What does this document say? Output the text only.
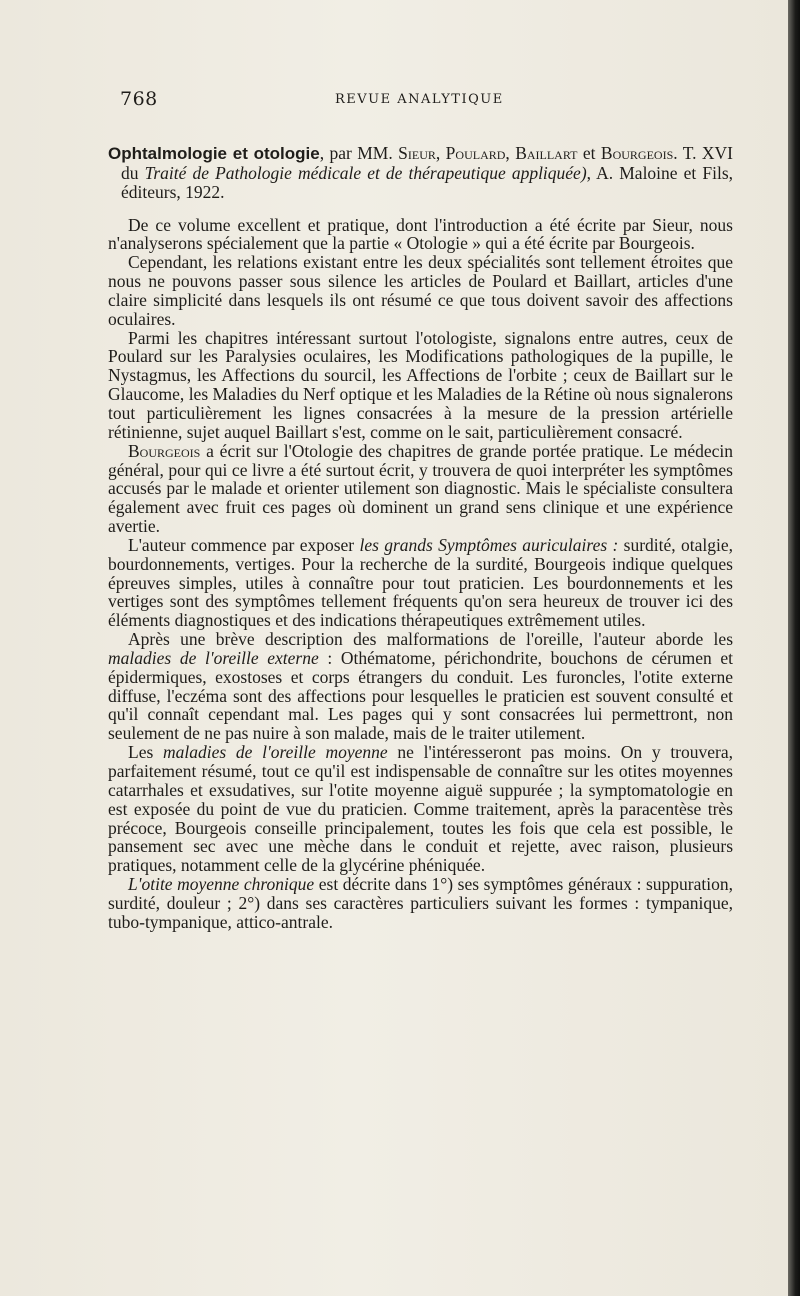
768	REVUE ANALYTIQUE

Ophtalmologie et otologie, par MM. Sieur, Poulard, Baillart et Bourgeois. T. XVI du Traité de Pathologie médicale et de thérapeutique appliquée), A. Maloine et Fils, éditeurs, 1922.

De ce volume excellent et pratique, dont l'introduction a été écrite par Sieur, nous n'analyserons spécialement que la partie « Otologie » qui a été écrite par Bourgeois.

Cependant, les relations existant entre les deux spécialités sont tellement étroites que nous ne pouvons passer sous silence les articles de Poulard et Baillart, articles d'une claire simplicité dans lesquels ils ont résumé ce que tous doivent savoir des affections oculaires.

Parmi les chapitres intéressant surtout l'otologiste, signalons entre autres, ceux de Poulard sur les Paralysies oculaires, les Modifications pathologiques de la pupille, le Nystagmus, les Affections du sourcil, les Affections de l'orbite ; ceux de Baillart sur le Glaucome, les Maladies du Nerf optique et les Maladies de la Rétine où nous signalerons tout particulièrement les lignes consacrées à la mesure de la pression artérielle rétinienne, sujet auquel Baillart s'est, comme on le sait, particulièrement consacré.

Bourgeois a écrit sur l'Otologie des chapitres de grande portée pratique. Le médecin général, pour qui ce livre a été surtout écrit, y trouvera de quoi interpréter les symptômes accusés par le malade et orienter utilement son diagnostic. Mais le spécialiste consultera également avec fruit ces pages où dominent un grand sens clinique et une expérience avertie.

L'auteur commence par exposer les grands Symptômes auriculaires : surdité, otalgie, bourdonnements, vertiges. Pour la recherche de la surdité, Bourgeois indique quelques épreuves simples, utiles à connaître pour tout praticien. Les bourdonnements et les vertiges sont des symptômes tellement fréquents qu'on sera heureux de trouver ici des éléments diagnostiques et des indications thérapeutiques extrêmement utiles.

Après une brève description des malformations de l'oreille, l'auteur aborde les maladies de l'oreille externe : Othématome, périchondrite, bouchons de cérumen et épidermiques, exostoses et corps étrangers du conduit. Les furoncles, l'otite externe diffuse, l'eczéma sont des affections pour lesquelles le praticien est souvent consulté et qu'il connaît cependant mal. Les pages qui y sont consacrées lui permettront, non seulement de ne pas nuire à son malade, mais de le traiter utilement.

Les maladies de l'oreille moyenne ne l'intéresseront pas moins. On y trouvera, parfaitement résumé, tout ce qu'il est indispensable de connaître sur les otites moyennes catarrhales et exsudatives, sur l'otite moyenne aiguë suppurée ; la symptomatologie en est exposée du point de vue du praticien. Comme traitement, après la paracentèse très précoce, Bourgeois conseille principalement, toutes les fois que cela est possible, le pansement sec avec une mèche dans le conduit et rejette, avec raison, plusieurs pratiques, notamment celle de la glycérine phéniquée.

L'otite moyenne chronique est décrite dans 1°) ses symptômes généraux : suppuration, surdité, douleur ; 2°) dans ses caractères particuliers suivant les formes : tympanique, tubo-tympanique, attico-antrale.
